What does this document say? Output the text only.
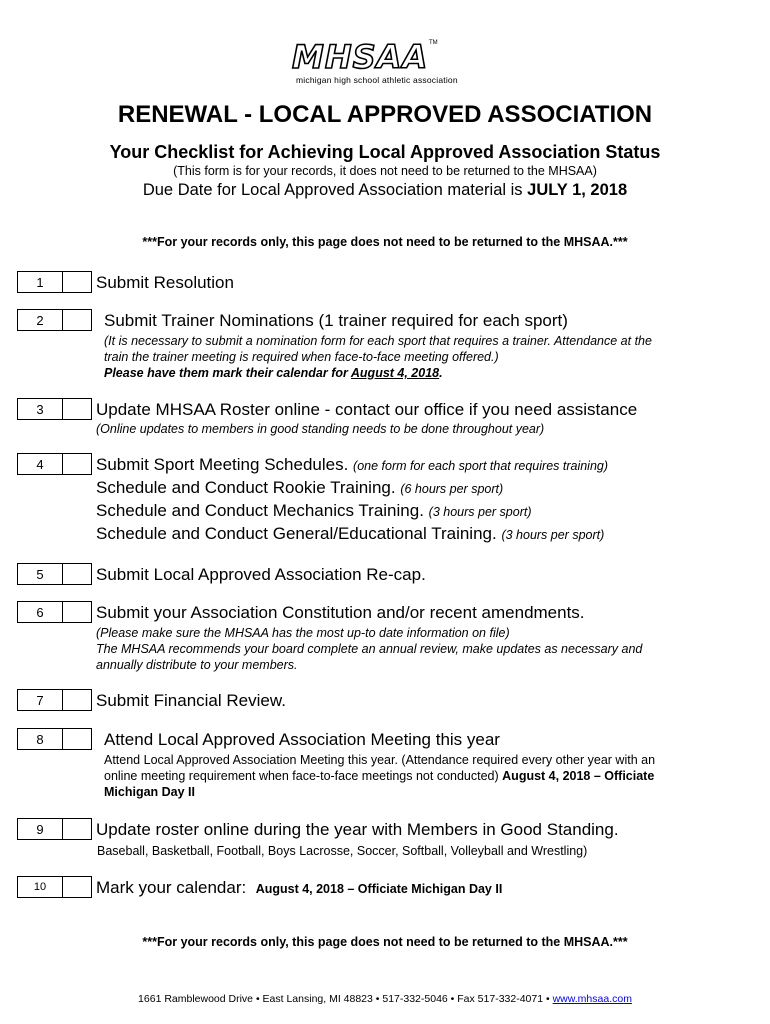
MHSAA TM
michigan high school athletic association
RENEWAL - LOCAL APPROVED ASSOCIATION
Your Checklist for Achieving Local Approved Association Status
(This form is for your records, it does not need to be returned to the MHSAA)
Due Date for Local Approved Association material is JULY 1, 2018
***For your records only, this page does not need to be returned to the MHSAA.***
1	Submit Resolution
2	Submit Trainer Nominations (1 trainer required for each sport)
(It is necessary to submit a nomination form for each sport that requires a trainer. Attendance at the
train the trainer meeting is required when face-to-face meeting offered.)
Please have them mark their calendar for August 4, 2018.
3	Update MHSAA Roster online - contact our office if you need assistance
(Online updates to members in good standing needs to be done throughout year)
4	Submit Sport Meeting Schedules. (one form for each sport that requires training)
Schedule and Conduct Rookie Training. (6 hours per sport)
Schedule and Conduct Mechanics Training. (3 hours per sport)
Schedule and Conduct General/Educational Training. (3 hours per sport)
5	Submit Local Approved Association Re-cap.
6	Submit your Association Constitution and/or recent amendments.
(Please make sure the MHSAA has the most up-to date information on file)
The MHSAA recommends your board complete an annual review, make updates as necessary and
annually distribute to your members.
7	Submit Financial Review.
8	Attend Local Approved Association Meeting this year
Attend Local Approved Association Meeting this year. (Attendance required every other year with an
online meeting requirement when face-to-face meetings not conducted) August 4, 2018 – Officiate
Michigan Day II
9	Update roster online during the year with Members in Good Standing.
Baseball, Basketball, Football, Boys Lacrosse, Soccer, Softball, Volleyball and Wrestling)
10	Mark your calendar: August 4, 2018 – Officiate Michigan Day II
***For your records only, this page does not need to be returned to the MHSAA.***
1661 Ramblewood Drive • East Lansing, MI 48823 • 517-332-5046 • Fax 517-332-4071 • www.mhsaa.com
